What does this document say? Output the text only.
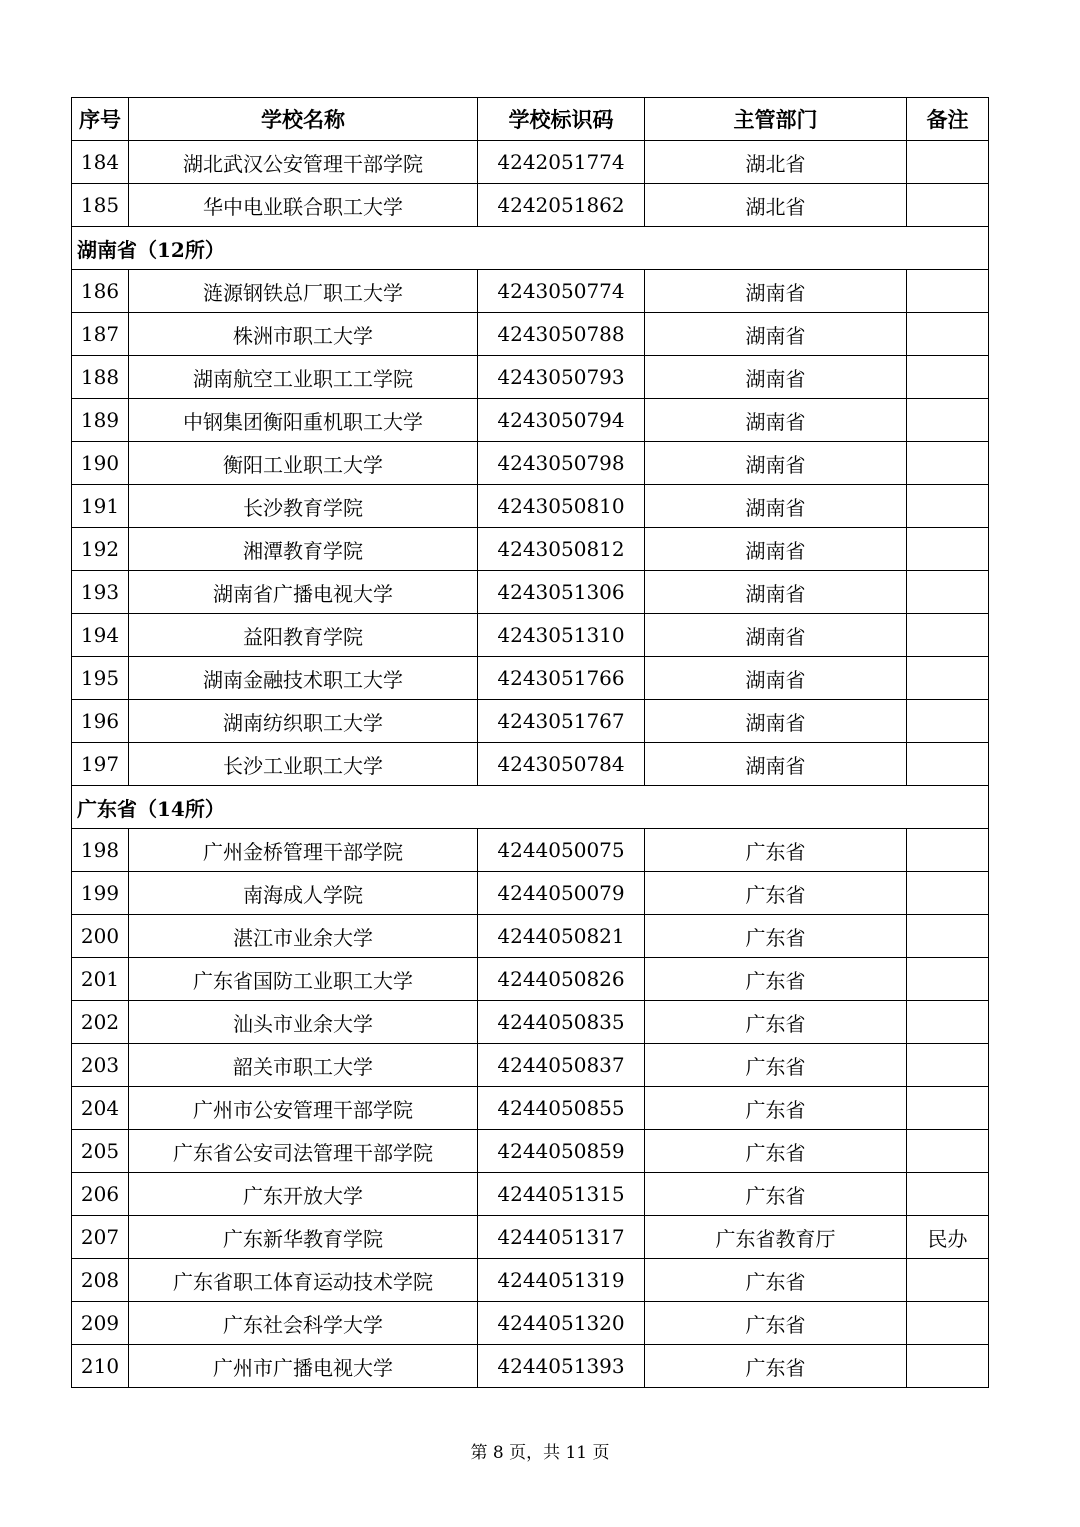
序号	学校名称	学校标识码	主管部门	备注
184	湖北武汉公安管理干部学院	4242051774	湖北省	
185	华中电业联合职工大学	4242051862	湖北省	
湖南省（12所）				
186	涟源钢铁总厂职工大学	4243050774	湖南省	
187	株洲市职工大学	4243050788	湖南省	
188	湖南航空工业职工工学院	4243050793	湖南省	
189	中钢集团衡阳重机职工大学	4243050794	湖南省	
190	衡阳工业职工大学	4243050798	湖南省	
191	长沙教育学院	4243050810	湖南省	
192	湘潭教育学院	4243050812	湖南省	
193	湖南省广播电视大学	4243051306	湖南省	
194	益阳教育学院	4243051310	湖南省	
195	湖南金融技术职工大学	4243051766	湖南省	
196	湖南纺织职工大学	4243051767	湖南省	
197	长沙工业职工大学	4243050784	湖南省	
广东省（14所）				
198	广州金桥管理干部学院	4244050075	广东省	
199	南海成人学院	4244050079	广东省	
200	湛江市业余大学	4244050821	广东省	
201	广东省国防工业职工大学	4244050826	广东省	
202	汕头市业余大学	4244050835	广东省	
203	韶关市职工大学	4244050837	广东省	
204	广州市公安管理干部学院	4244050855	广东省	
205	广东省公安司法管理干部学院	4244050859	广东省	
206	广东开放大学	4244051315	广东省	
207	广东新华教育学院	4244051317	广东省教育厅	民办
208	广东省职工体育运动技术学院	4244051319	广东省	
209	广东社会科学大学	4244051320	广东省	
210	广州市广播电视大学	4244051393	广东省	
第 8 页，共 11 页
